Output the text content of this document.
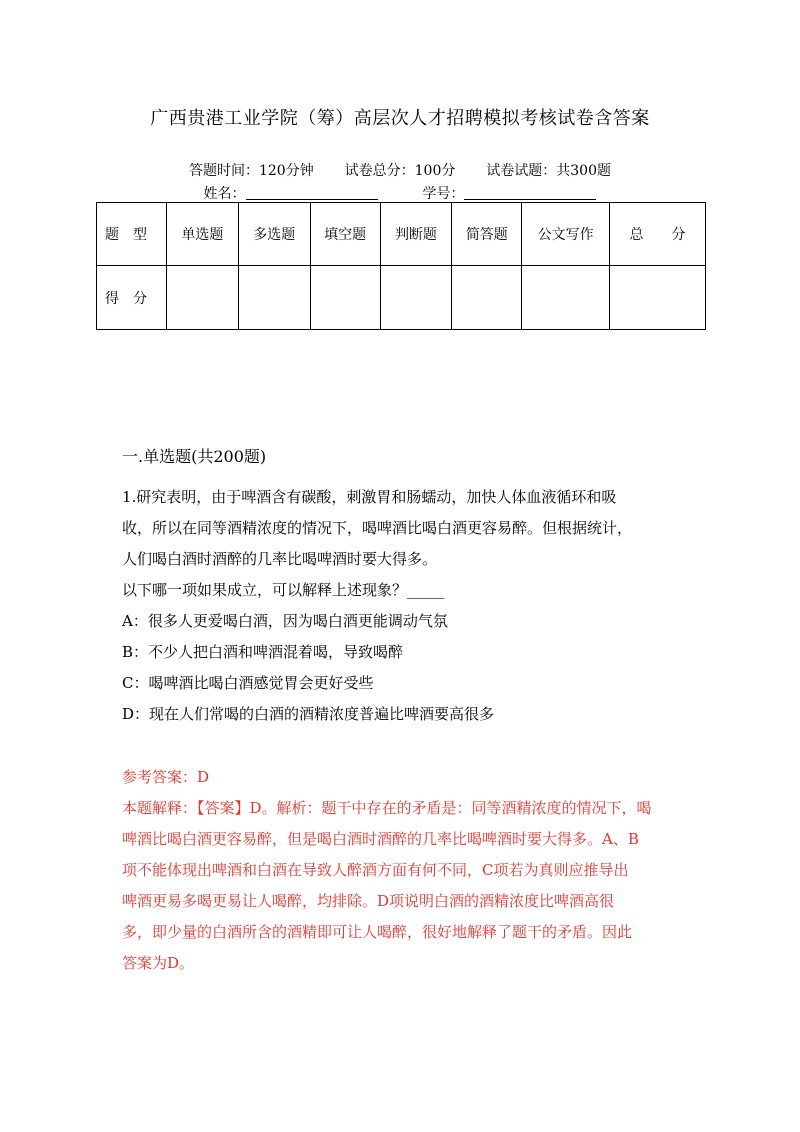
广西贵港工业学院（筹）高层次人才招聘模拟考核试卷含答案
答题时间：120分钟 试卷总分：100分 试卷试题：共300题
姓名：	学号：
题　型	单选题	多选题	填空题	判断题	简答题	公文写作	总　　分
得　分							
一.单选题(共200题)

1.研究表明，由于啤酒含有碳酸，刺激胃和肠蠕动，加快人体血液循环和吸

收，所以在同等酒精浓度的情况下，喝啤酒比喝白酒更容易醉。但根据统计，

人们喝白酒时酒醉的几率比喝啤酒时要大得多。

以下哪一项如果成立，可以解释上述现象？_____

A：很多人更爱喝白酒，因为喝白酒更能调动气氛

B：不少人把白酒和啤酒混着喝，导致喝醉

C：喝啤酒比喝白酒感觉胃会更好受些

D：现在人们常喝的白酒的酒精浓度普遍比啤酒要高很多

参考答案：D

本题解释：【答案】D。解析：题干中存在的矛盾是：同等酒精浓度的情况下，喝

啤酒比喝白酒更容易醉，但是喝白酒时酒醉的几率比喝啤酒时要大得多。A、B

项不能体现出啤酒和白酒在导致人醉酒方面有何不同，C项若为真则应推导出

啤酒更易多喝更易让人喝醉，均排除。D项说明白酒的酒精浓度比啤酒高很

多，即少量的白酒所含的酒精即可让人喝醉，很好地解释了题干的矛盾。因此

答案为D。
